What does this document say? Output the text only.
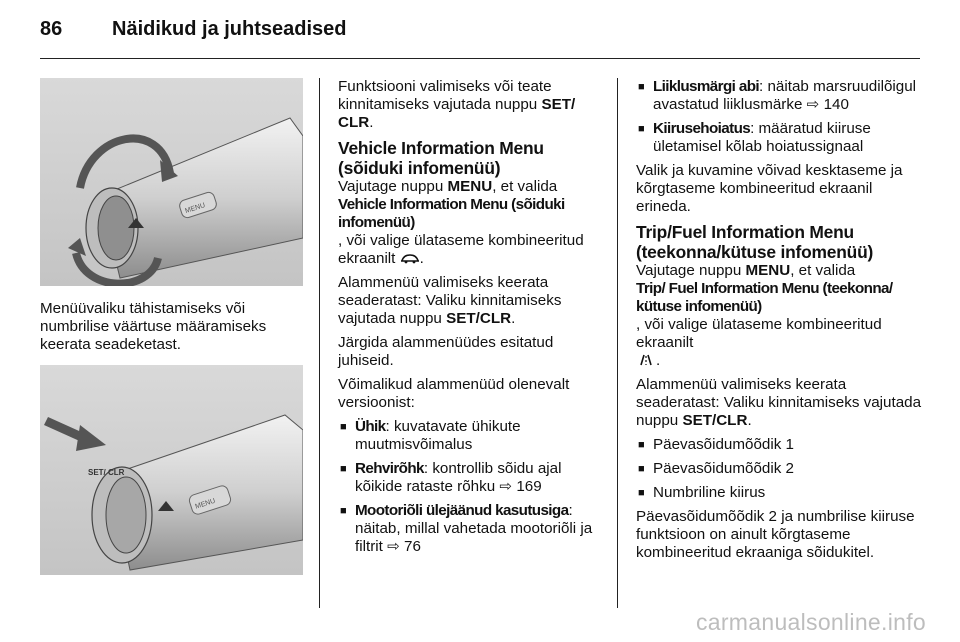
86 Näidikud ja juhtseadised
MENU

Menüüvaliku tähistamiseks või numbrilise väärtuse määramiseks keerata seadeketast.

SET/ CLR
MENU

Funktsiooni valimiseks või teate kinnitamiseks vajutada nuppu SET/ CLR.

Vehicle Information Menu (sõiduki infomenüü)

Vajutage nuppu MENU, et valida Vehicle Information Menu (sõiduki infomenüü), või valige ülataseme kombineeritud ekraanilt .

Alammenüü valimiseks keerata seaderatast: Valiku kinnitamiseks vajutada nuppu SET/CLR.

Järgida alammenüüdes esitatud juhiseid.

Võimalikud alammenüüd olenevalt versioonist:

■ Ühik: kuvatavate ühikute muutmisvõimalus
■ Rehvirõhk: kontrollib sõidu ajal kõikide rataste rõhku ⇨ 169
■ Mootoriõli ülejäänud kasutusiga: näitab, millal vahetada mootoriõli ja filtrit ⇨ 76
■ Liiklusmärgi abi: näitab marsruudilõigul avastatud liiklusmärke ⇨ 140
■ Kiirusehoiatus: määratud kiiruse ületamisel kõlab hoiatussignaal

Valik ja kuvamine võivad kesktaseme ja kõrgtaseme kombineeritud ekraanil erineda.

Trip/Fuel Information Menu (teekonna/kütuse infomenüü)

Vajutage nuppu MENU, et valida Trip/ Fuel Information Menu (teekonna/ kütuse infomenüü), või valige ülataseme kombineeritud ekraanilt
.

Alammenüü valimiseks keerata seaderatast: Valiku kinnitamiseks vajutada nuppu SET/CLR.

■ Päevasõidumõõdik 1
■ Päevasõidumõõdik 2
■ Numbriline kiirus

Päevasõidumõõdik 2 ja numbrilise kiiruse funktsioon on ainult kõrgtaseme kombineeritud ekraaniga sõidukitel.

carmanualsonline.info
